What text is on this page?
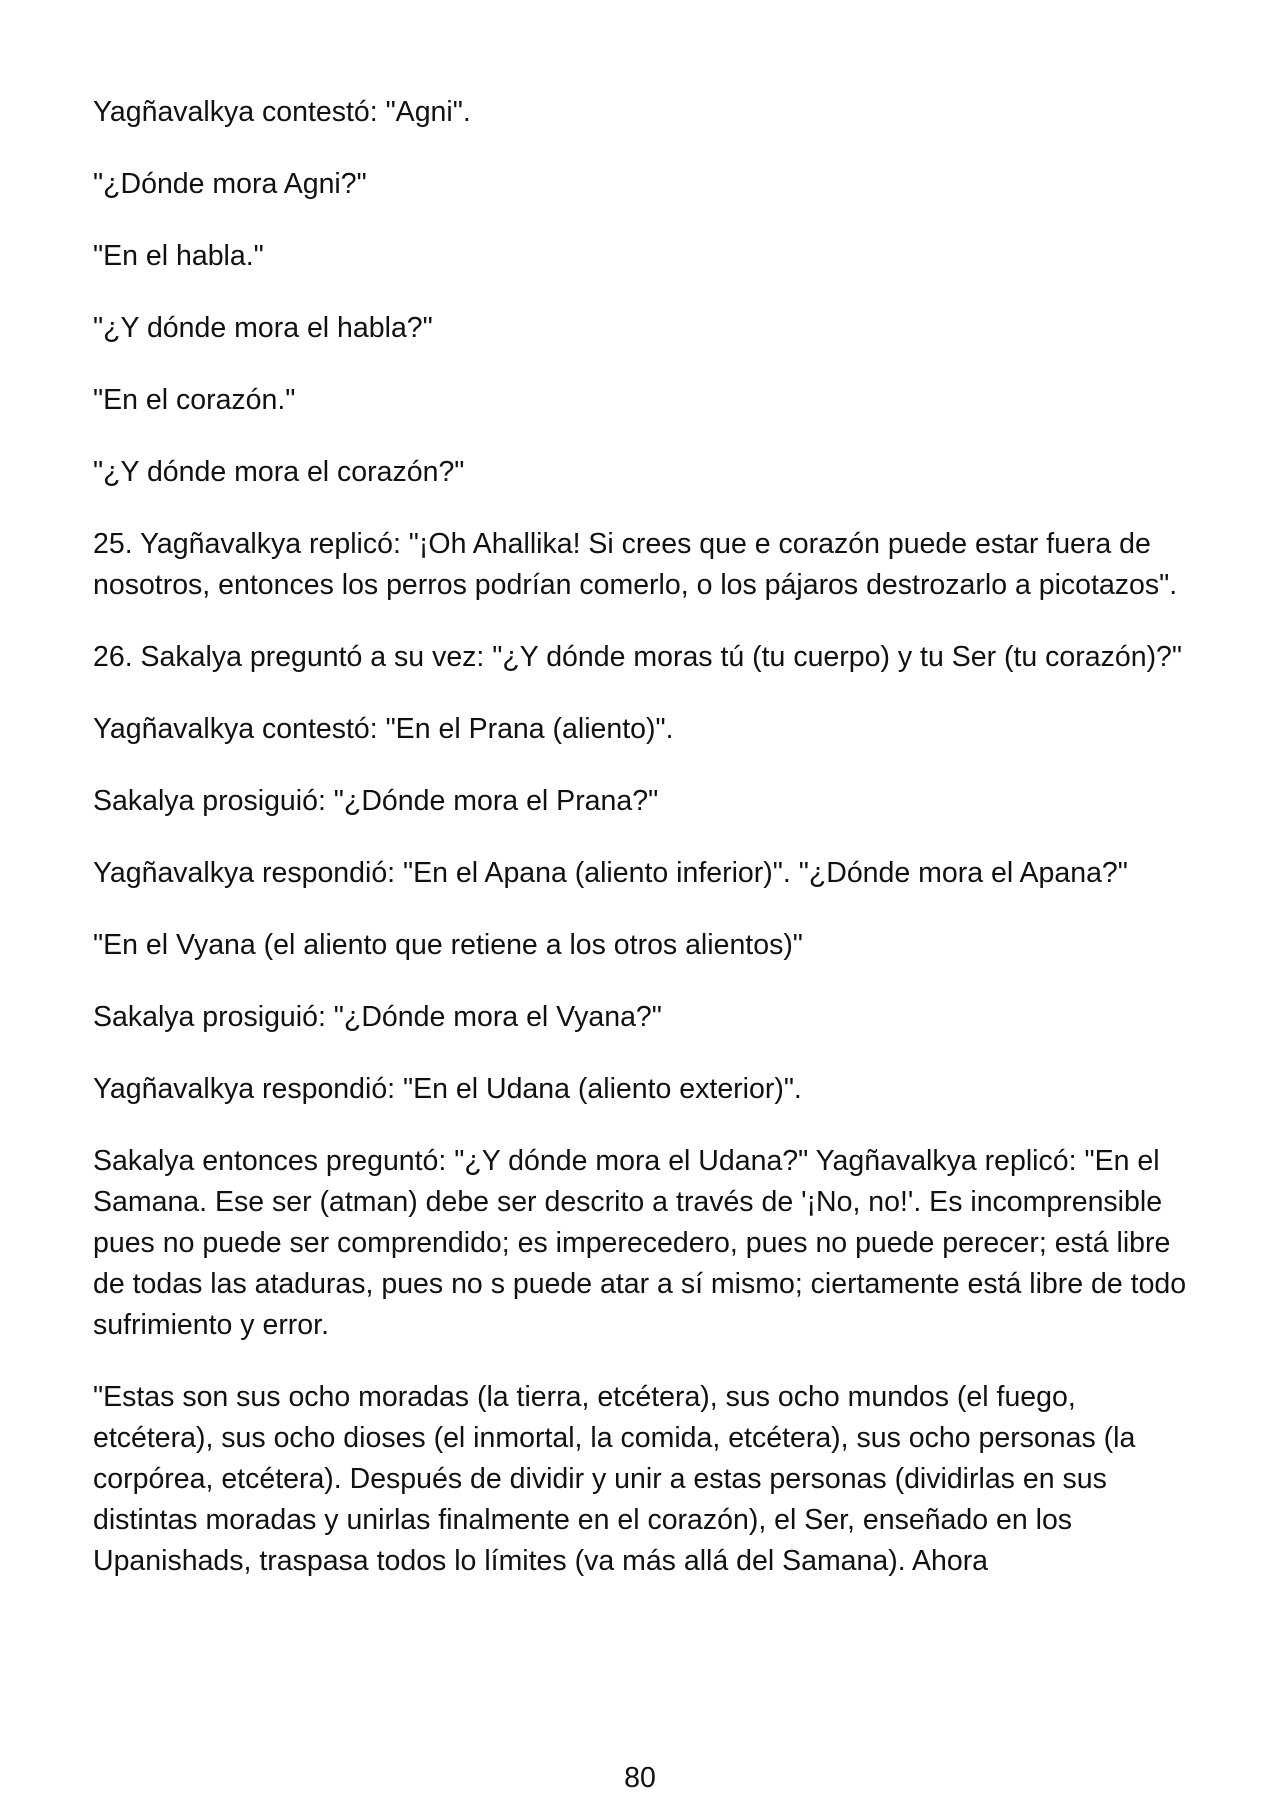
Yagñavalkya contestó: "Agni".

"¿Dónde mora Agni?"

"En el habla."

"¿Y dónde mora el habla?"

"En el corazón."

"¿Y dónde mora el corazón?"

25. Yagñavalkya replicó: "¡Oh Ahallika! Si crees que e corazón puede estar fuera de nosotros, entonces los perros podrían comerlo, o los pájaros destrozarlo a picotazos".

26. Sakalya preguntó a su vez: "¿Y dónde moras tú (tu cuerpo) y tu Ser (tu corazón)?"

Yagñavalkya contestó: "En el Prana (aliento)".

Sakalya prosiguió: "¿Dónde mora el Prana?"

Yagñavalkya respondió: "En el Apana (aliento inferior)". "¿Dónde mora el Apana?"

"En el Vyana (el aliento que retiene a los otros alientos)"

Sakalya prosiguió: "¿Dónde mora el Vyana?"

Yagñavalkya respondió: "En el Udana (aliento exterior)".

Sakalya entonces preguntó: "¿Y dónde mora el Udana?" Yagñavalkya replicó: "En el Samana. Ese ser (atman) debe ser descrito a través de '¡No, no!'. Es incomprensible pues no puede ser comprendido; es imperecedero, pues no puede perecer; está libre de todas las ataduras, pues no s puede atar a sí mismo; ciertamente está libre de todo sufrimiento y error.

"Estas son sus ocho moradas (la tierra, etcétera), sus ocho mundos (el fuego, etcétera), sus ocho dioses (el inmortal, la comida, etcétera), sus ocho personas (la corpórea, etcétera). Después de dividir y unir a estas personas (dividirlas en sus distintas moradas y unirlas finalmente en el corazón), el Ser, enseñado en los Upanishads, traspasa todos lo límites (va más allá del Samana). Ahora

80
